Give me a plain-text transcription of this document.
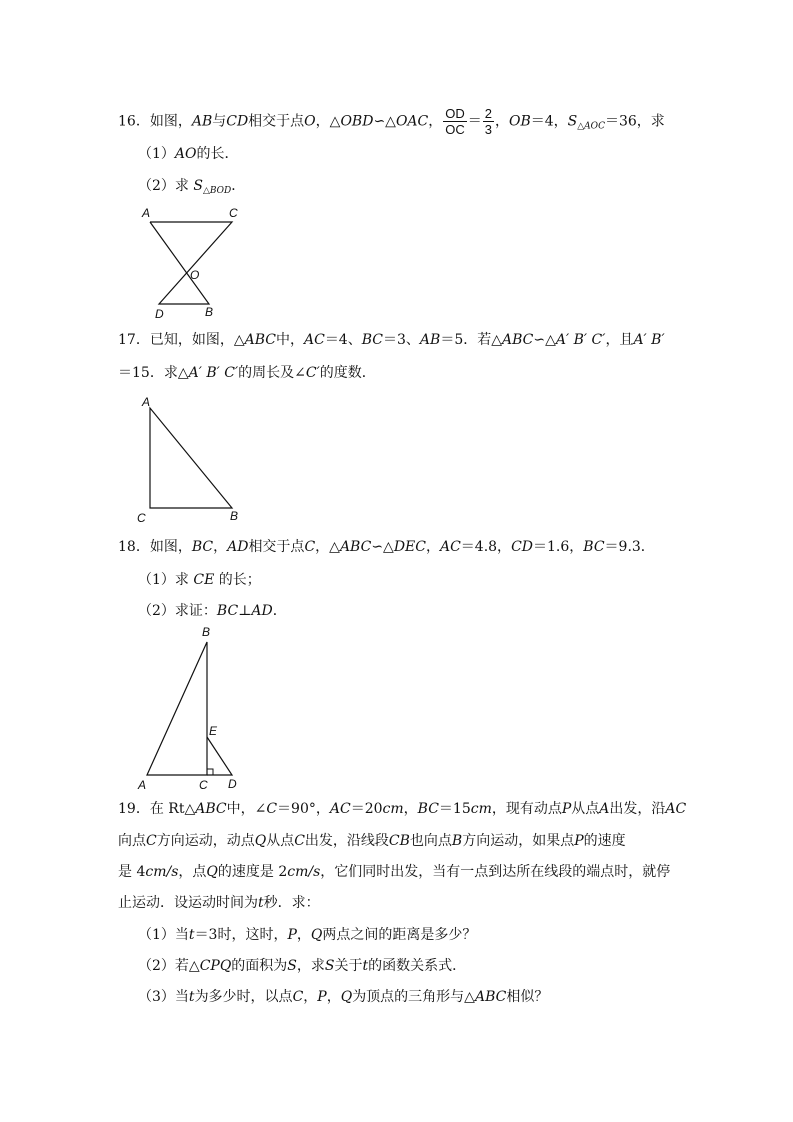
16．如图，AB与CD相交于点O，△OBD∽△OAC， $\frac{OD}{OC} = \frac{2}{3}$ ，OB＝4，$S_{\triangle AOC}=36$，求
（1）AO的长．
（2）求 $S_{\triangle BOD}$．
A	C
O
D	B
17．已知，如图，△ABC中，AC＝4、BC＝3、AB＝5．若△ABC∽△A′ B′ C′，且A′ B′
＝15．求△A′ B′ C′的周长及∠C′的度数．
A
C	B
18．如图，BC，AD相交于点C，△ABC∽△DEC，AC＝4.8，CD＝1.6，BC＝9.3．
（1）求 CE 的长；
（2）求证：BC⊥AD．
B
E
A	C D
19．在 Rt△ABC中，∠C＝90°，AC＝20cm，BC＝15cm，现有动点P从点A出发，沿AC
向点C方向运动，动点Q从点C出发，沿线段CB也向点B方向运动，如果点P的速度
是 4cm/s，点Q的速度是 2cm/s，它们同时出发，当有一点到达所在线段的端点时，就停
止运动．设运动时间为t秒．求：
（1）当t＝3时，这时，P，Q两点之间的距离是多少？
（2）若△CPQ的面积为S，求S关于t的函数关系式．
（3）当t为多少时，以点C，P，Q为顶点的三角形与△ABC相似？
